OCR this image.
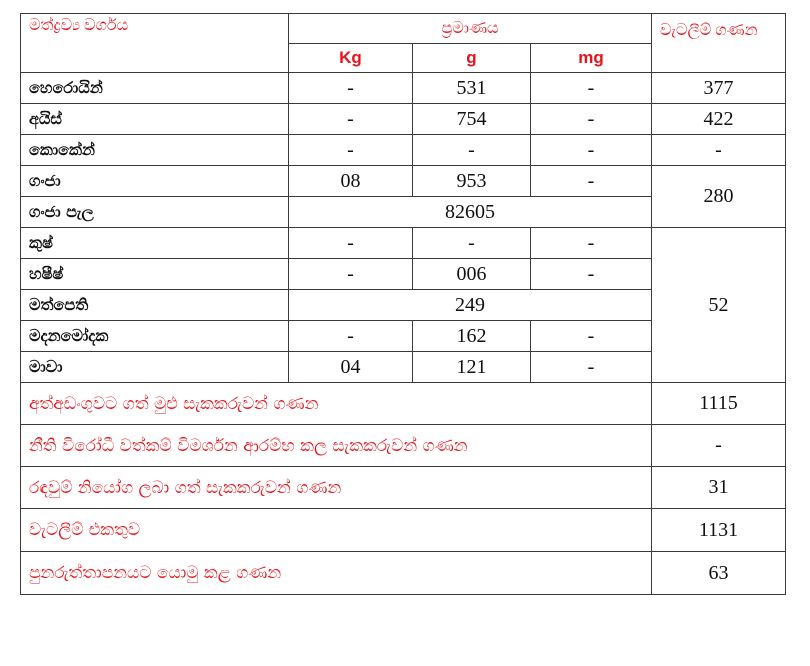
මත්ද්‍රව්‍ය වර්ගය	ප්‍රමාණය			වැටලීම් ගණන
	Kg	g	mg	
හෙරොයින්	-	531	-	377
අයිස්	-	754	-	422
කොකේන්	-	-	-	-
ගංජා	08	953	-	280
ගංජා පැල	82605			
කුෂ්	-	-	-	52
හෂීෂ්	-	006	-	
මත්පෙති	249			
මදනමෝදක	-	162	-	
මාවා	04	121	-	
අත්අඩංගුවට ගත් මුළු සැකකරුවන් ගණන				1115
නීති විරෝධී වත්කම් විමර්ශන ආරම්භ කල සැකකරුවන් ගණන				-
රඳවුම් නියෝග ලබා ගත් සැකකරුවන් ගණන				31
වැටලීම් එකතුව				1131
පුනරුත්තාපනයට යොමු කළ ගණන				63
